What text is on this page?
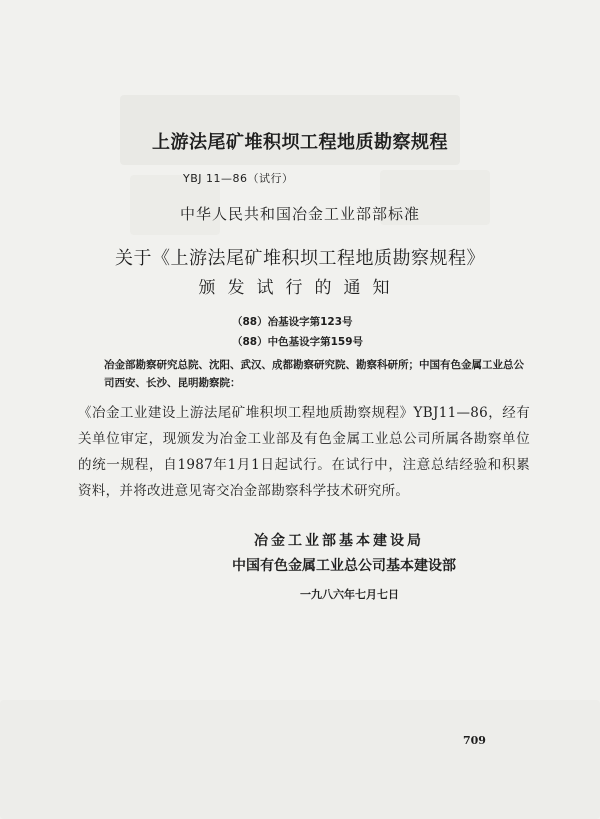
上游法尾矿堆积坝工程地质勘察规程
YBJ 11—86（试行）
中华人民共和国冶金工业部部标准
关于《上游法尾矿堆积坝工程地质勘察规程》
颁发试行的通知
（88）冶基设字第123号
（88）中色基设字第159号
冶金部勘察研究总院、沈阳、武汉、成都勘察研究院、勘察科研所；中国有色金属工业总公司西安、长沙、昆明勘察院：
《冶金工业建设上游法尾矿堆积坝工程地质勘察规程》YBJ11—86，经有关单位审定，现颁发为冶金工业部及有色金属工业总公司所属各勘察单位的统一规程，自1987年1月1日起试行。在试行中，注意总结经验和积累资料，并将改进意见寄交冶金部勘察科学技术研究所。
冶金工业部基本建设局
中国有色金属工业总公司基本建设部
一九八六年七月七日
709
